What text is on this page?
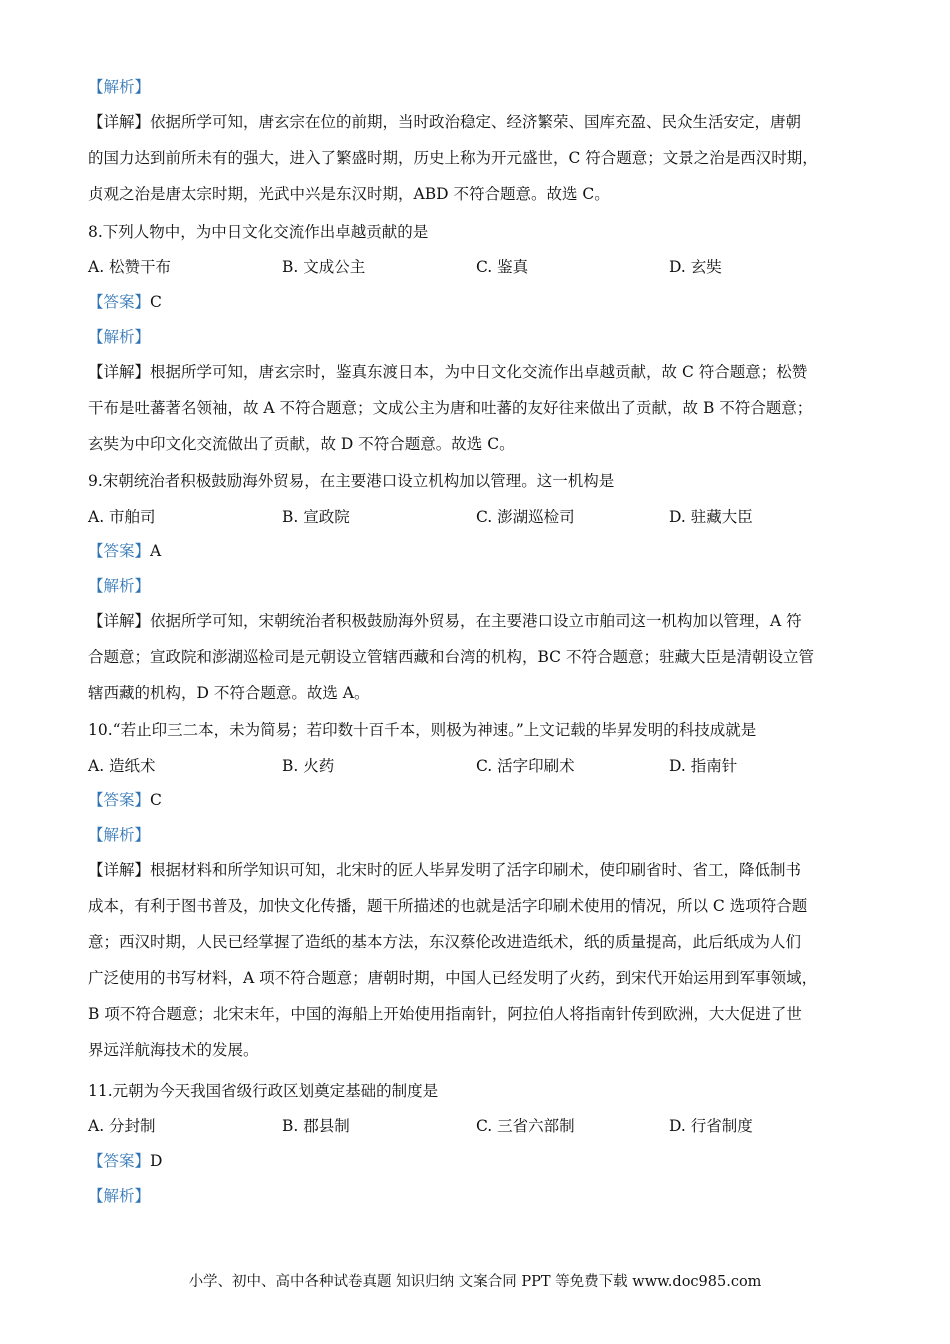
【解析】
【详解】依据所学可知，唐玄宗在位的前期，当时政治稳定、经济繁荣、国库充盈、民众生活安定，唐朝
的国力达到前所未有的强大，进入了繁盛时期，历史上称为开元盛世，C 符合题意；文景之治是西汉时期，
贞观之治是唐太宗时期，光武中兴是东汉时期，ABD 不符合题意。故选 C。
8.下列人物中，为中日文化交流作出卓越贡献的是
A. 松赞干布	B. 文成公主	C. 鉴真	D. 玄奘
【答案】C
【解析】
【详解】根据所学可知，唐玄宗时，鉴真东渡日本，为中日文化交流作出卓越贡献，故 C 符合题意；松赞
干布是吐蕃著名领袖，故 A 不符合题意；文成公主为唐和吐蕃的友好往来做出了贡献，故 B 不符合题意；
玄奘为中印文化交流做出了贡献，故 D 不符合题意。故选 C。
9.宋朝统治者积极鼓励海外贸易，在主要港口设立机构加以管理。这一机构是
A. 市舶司	B. 宣政院	C. 澎湖巡检司	D. 驻藏大臣
【答案】A
【解析】
【详解】依据所学可知，宋朝统治者积极鼓励海外贸易，在主要港口设立市舶司这一机构加以管理，A 符
合题意；宣政院和澎湖巡检司是元朝设立管辖西藏和台湾的机构，BC 不符合题意；驻藏大臣是清朝设立管
辖西藏的机构，D 不符合题意。故选 A。
10.“若止印三二本，未为简易；若印数十百千本，则极为神速。”上文记载的毕昇发明的科技成就是
A. 造纸术	B. 火药	C. 活字印刷术	D. 指南针
【答案】C
【解析】
【详解】根据材料和所学知识可知，北宋时的匠人毕昇发明了活字印刷术，使印刷省时、省工，降低制书
成本，有利于图书普及，加快文化传播，题干所描述的也就是活字印刷术使用的情况，所以 C 选项符合题
意；西汉时期，人民已经掌握了造纸的基本方法，东汉蔡伦改进造纸术，纸的质量提高，此后纸成为人们
广泛使用的书写材料，A 项不符合题意；唐朝时期，中国人已经发明了火药，到宋代开始运用到军事领域，
B 项不符合题意；北宋末年，中国的海船上开始使用指南针，阿拉伯人将指南针传到欧洲，大大促进了世
界远洋航海技术的发展。
11.元朝为今天我国省级行政区划奠定基础的制度是
A. 分封制	B. 郡县制	C. 三省六部制	D. 行省制度
【答案】D
【解析】
小学、初中、高中各种试卷真题 知识归纳 文案合同 PPT 等免费下载 www.doc985.com
